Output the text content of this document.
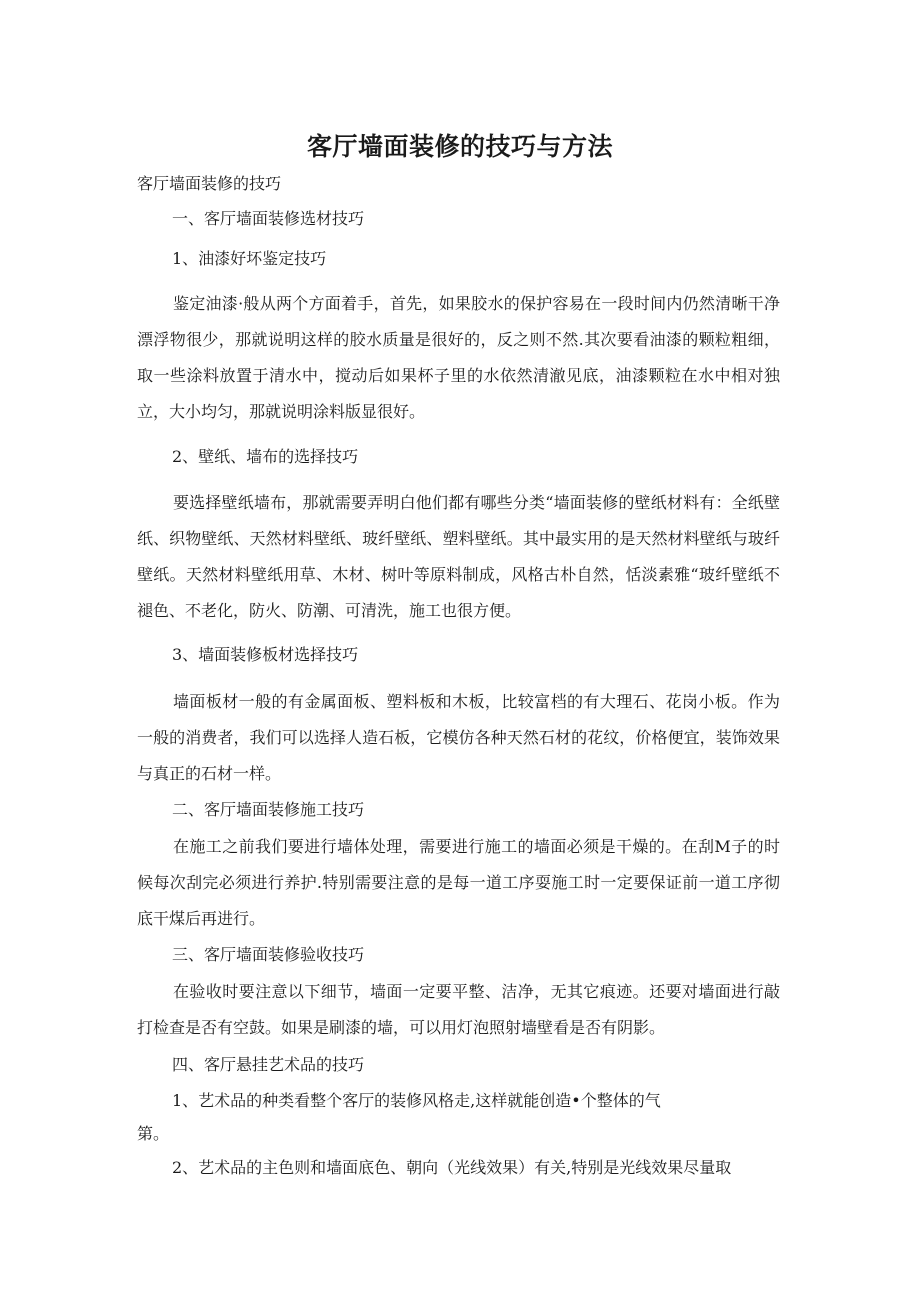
客厅墙面装修的技巧与方法

客厅墙面装修的技巧

一、客厅墙面装修选材技巧

1、油漆好坏鉴定技巧

鉴定油漆·般从两个方面着手，首先，如果胶水的保护容易在一段时间内仍然清晰干净漂浮物很少，那就说明这样的胶水质量是很好的，反之则不然.其次要看油漆的颗粒粗细，取一些涂料放置于清水中，搅动后如果杯子里的水依然清澈见底，油漆颗粒在水中相对独立，大小均匀，那就说明涂料版显很好。

2、壁纸、墙布的选择技巧

要选择壁纸墙布，那就需要弄明白他们都有哪些分类“墙面装修的壁纸材料有：全纸壁纸、织物壁纸、天然材料壁纸、玻纤壁纸、塑料壁纸。其中最实用的是天然材料壁纸与玻纤壁纸。天然材料壁纸用草、木材、树叶等原料制成，风格古朴自然，恬淡素雅“玻纤壁纸不褪色、不老化，防火、防潮、可清洗，施工也很方便。

3、墙面装修板材选择技巧

墙面板材一般的有金属面板、塑料板和木板，比较富档的有大理石、花岗小板。作为一般的消费者，我们可以选择人造石板，它模仿各种天然石材的花纹，价格便宜，装饰效果与真正的石材一样。

二、客厅墙面装修施工技巧

在施工之前我们要进行墙体处理，需要进行施工的墙面必须是干燥的。在刮M子的时候每次刮完必须进行养护.特别需要注意的是每一道工序耍施工时一定要保证前一道工序彻底干煤后再进行。

三、客厅墙面装修验收技巧

在验收时要注意以下细节，墙面一定要平整、洁净，无其它痕迹。还要对墙面进行敲打检查是否有空鼓。如果是刷漆的墙，可以用灯泡照射墙壁看是否有阴影。

四、客厅悬挂艺术品的技巧

1、艺术品的种类看整个客厅的装修风格走,这样就能创造•个整体的气

第。

2、艺术品的主色则和墙面底色、朝向（光线效果）有关,特别是光线效果尽量取
